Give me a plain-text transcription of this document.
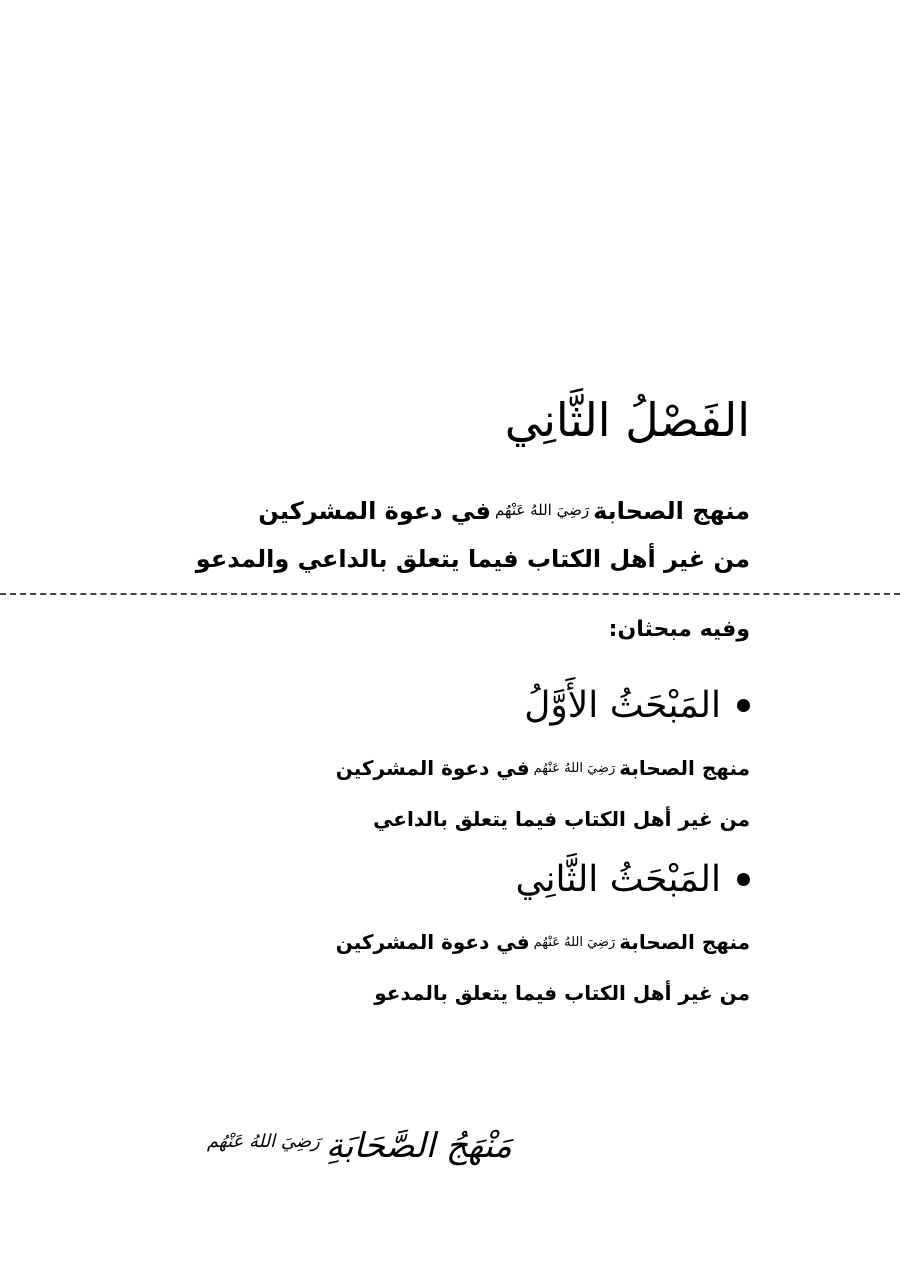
الفَصْلُ الثَّانِي
منهج الصحابةرَضِيَ اللهُ عَنْهُمفي دعوة المشركين
من غير أهل الكتاب فيما يتعلق بالداعي والمدعو

وفيه مبحثان:

المَبْحَثُ الأَوَّلُ
منهج الصحابةرَضِيَ اللهُ عَنْهُمفي دعوة المشركين
من غير أهل الكتاب فيما يتعلق بالداعي
المَبْحَثُ الثَّانِي
منهج الصحابةرَضِيَ اللهُ عَنْهُمفي دعوة المشركين
من غير أهل الكتاب فيما يتعلق بالمدعو
مَنْهَجُ الصَّحَابَةِ$^{رَضِيَ اللهُ عَنْهُم}$
